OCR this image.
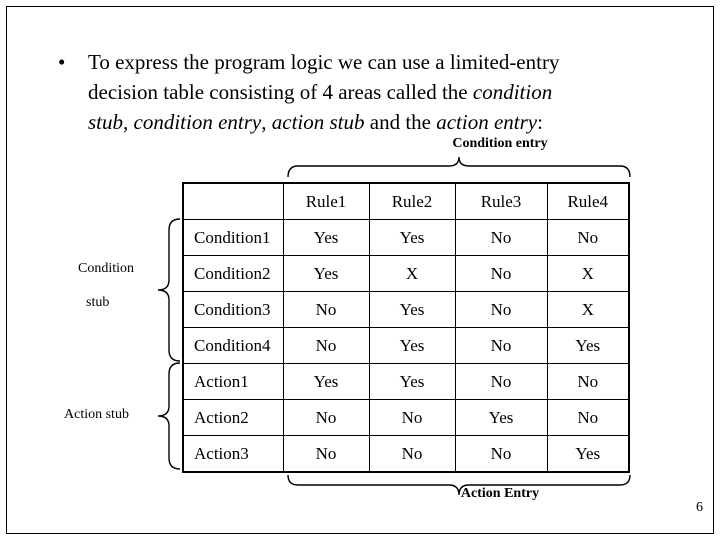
• To express the program logic we can use a limited-entry
decision table consisting of 4 areas called the condition
stub, condition entry, action stub and the action entry:
Condition entry
	Rule1	Rule2	Rule3	Rule4
Condition1	Yes	Yes	No	No
Condition2	Yes	X	No	X
Condition3	No	Yes	No	X
Condition4	No	Yes	No	Yes
Action1	Yes	Yes	No	No
Action2	No	No	Yes	No
Action3	No	No	No	Yes
Condition
stub
Action stub
Action Entry
6
